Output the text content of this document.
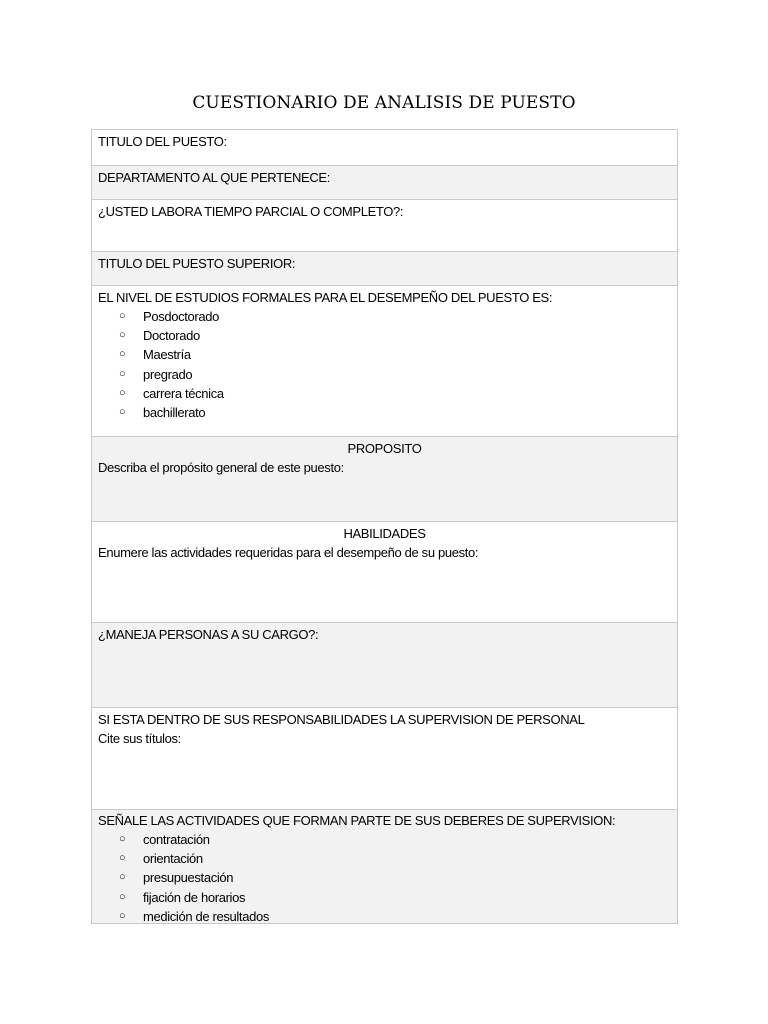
CUESTIONARIO DE ANALISIS DE PUESTO
TITULO DEL PUESTO:
DEPARTAMENTO AL QUE PERTENECE:
¿USTED LABORA TIEMPO PARCIAL O COMPLETO?:
TITULO DEL PUESTO SUPERIOR:
EL NIVEL DE ESTUDIOS FORMALES PARA EL DESEMPEÑO DEL PUESTO ES:
○ Posdoctorado
○ Doctorado
○ Maestría
○ pregrado
○ carrera técnica
○ bachillerato
PROPOSITO
Describa el propósito general de este puesto:
HABILIDADES
Enumere las actividades requeridas para el desempeño de su puesto:
¿MANEJA PERSONAS A SU CARGO?:
SI ESTA DENTRO DE SUS RESPONSABILIDADES LA SUPERVISION DE PERSONAL
Cite sus títulos:
SEÑALE LAS ACTIVIDADES QUE FORMAN PARTE DE SUS DEBERES DE SUPERVISION:
○ contratación
○ orientación
○ presupuestación
○ fijación de horarios
○ medición de resultados
